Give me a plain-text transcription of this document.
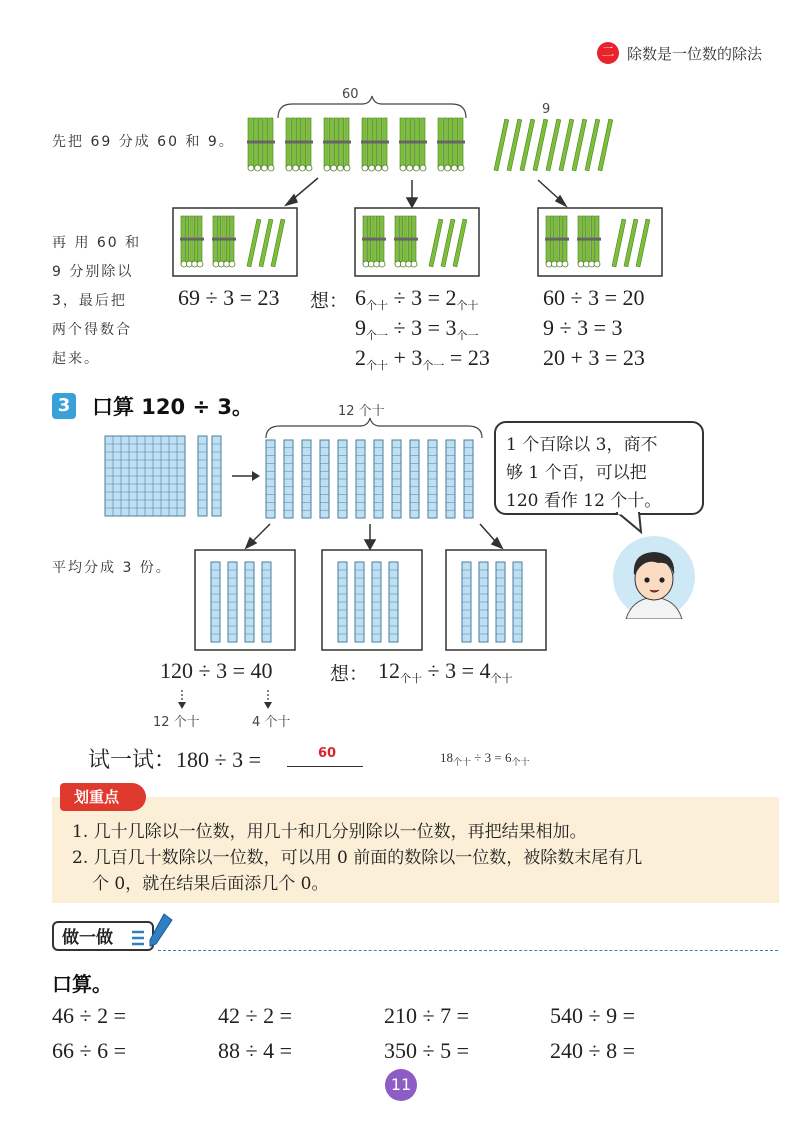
二 除数是一位数的除法
先把 69 分成 60 和 9。
60
9
再 用 60 和
9 分别除以
3，最后把
两个得数合
起来。
69 ÷ 3 = 23 想： 6个十 ÷ 3 = 2个十
9个一 ÷ 3 = 3个一
2个十 + 3个一 = 23
60 ÷ 3 = 20
9 ÷ 3 = 3
20 + 3 = 23
3 口算 120 ÷ 3。	12 个十
1 个百除以 3，商不
够 1 个百，可以把
120 看作 12 个十。
平均分成 3 份。
120 ÷ 3 = 40	想： 12个十 ÷ 3 = 4个十
12 个十	4 个十
试一试：180 ÷ 3 =	60	$18_{个十} \div 3 = 6_{个十}$
划重点
1. 几十几除以一位数，用几十和几分别除以一位数，再把结果相加。
2. 几百几十数除以一位数，可以用 0 前面的数除以一位数，被除数末尾有几
个 0，就在结果后面添几个 0。
做一做
口算。
46 ÷ 2 =	42 ÷ 2 =	210 ÷ 7 =	540 ÷ 9 =
66 ÷ 6 =	88 ÷ 4 =	350 ÷ 5 =	240 ÷ 8 =
11
